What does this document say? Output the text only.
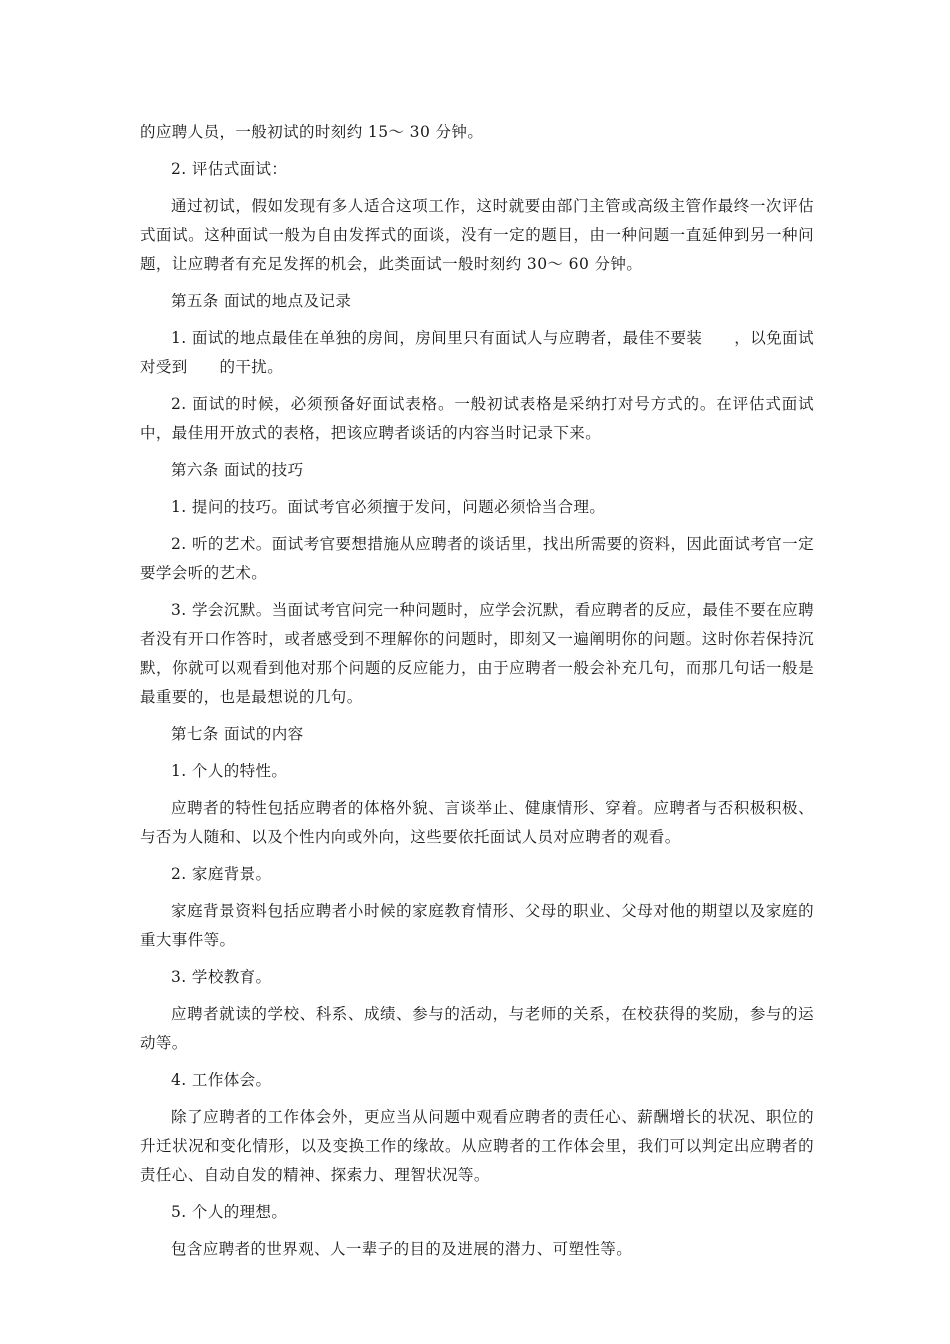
的应聘人员，一般初试的时刻约 15～ 30 分钟。

2. 评估式面试：

通过初试，假如发现有多人适合这项工作，这时就要由部门主管或高级主管作最终一次评估式面试。这种面试一般为自由发挥式的面谈，没有一定的题目，由一种问题一直延伸到另一种问题，让应聘者有充足发挥的机会，此类面试一般时刻约 30～ 60 分钟。

第五条 面试的地点及记录

1. 面试的地点最佳在单独的房间，房间里只有面试人与应聘者，最佳不要装　　，以免面试对受到　　的干扰。

2. 面试的时候，必须预备好面试表格。一般初试表格是采纳打对号方式的。在评估式面试中，最佳用开放式的表格，把该应聘者谈话的内容当时记录下来。

第六条 面试的技巧

1. 提问的技巧。面试考官必须擅于发问，问题必须恰当合理。

2. 听的艺术。面试考官要想措施从应聘者的谈话里，找出所需要的资料，因此面试考官一定要学会听的艺术。

3. 学会沉默。当面试考官问完一种问题时，应学会沉默，看应聘者的反应，最佳不要在应聘者没有开口作答时，或者感受到不理解你的问题时，即刻又一遍阐明你的问题。这时你若保持沉默，你就可以观看到他对那个问题的反应能力，由于应聘者一般会补充几句，而那几句话一般是最重要的，也是最想说的几句。

第七条 面试的内容

1. 个人的特性。

应聘者的特性包括应聘者的体格外貌、言谈举止、健康情形、穿着。应聘者与否积极积极、与否为人随和、以及个性内向或外向，这些要依托面试人员对应聘者的观看。

2. 家庭背景。

家庭背景资料包括应聘者小时候的家庭教育情形、父母的职业、父母对他的期望以及家庭的重大事件等。

3. 学校教育。

应聘者就读的学校、科系、成绩、参与的活动，与老师的关系，在校获得的奖励，参与的运动等。

4. 工作体会。

除了应聘者的工作体会外，更应当从问题中观看应聘者的责任心、薪酬增长的状况、职位的升迁状况和变化情形，以及变换工作的缘故。从应聘者的工作体会里，我们可以判定出应聘者的责任心、自动自发的精神、探索力、理智状况等。

5. 个人的理想。

包含应聘者的世界观、人一辈子的目的及进展的潜力、可塑性等。
